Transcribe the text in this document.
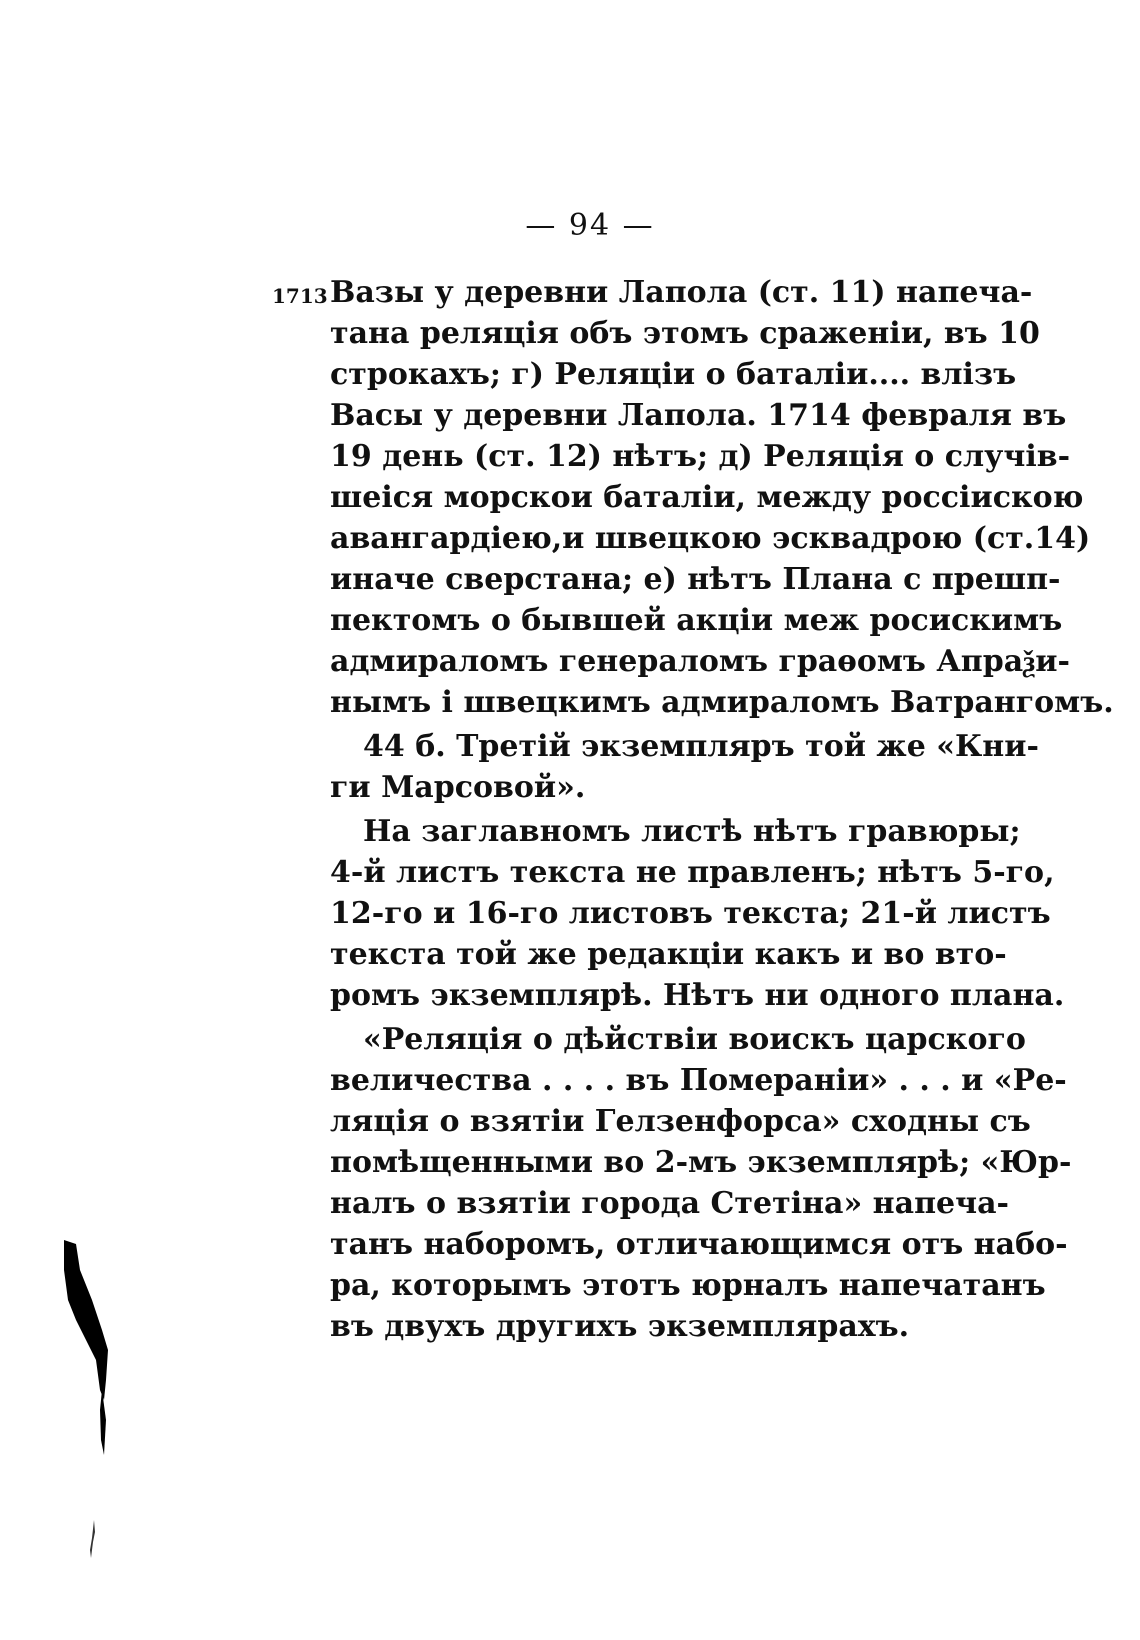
— 94 —
1713 Вазы у деревни Лапола (ст. 11) напеча-
тана реляція объ этомъ сраженіи, въ 10
строкахъ; г) Реляціи о баталіи.... влізъ
Васы у деревни Лапола. 1714 февраля въ
19 день (ст. 12) нѣтъ; д) Реляція о случів-
шеіся морскои баталіи, между россіискою
авангардіею,и швецкою эсквадрою (ст.14)
иначе сверстана; е) нѣтъ Плана с прешп-
пектомъ о бывшей акціи меж росискимъ
адмираломъ генераломъ граѳомъ Апраѯи-
нымъ і швецкимъ адмираломъ Ватрангомъ.
44 б. Третій экземпляръ той же «Кни-
ги Марсовой».
На заглавномъ листѣ нѣтъ гравюры;
4-й листъ текста не правленъ; нѣтъ 5-го,
12-го и 16-го листовъ текста; 21-й листъ
текста той же редакціи какъ и во вто-
ромъ экземплярѣ. Нѣтъ ни одного плана.
«Реляція о дѣйствіи воискъ царского
величества . . . . въ Помераніи» . . . и «Ре-
ляція о взятіи Гелзенфорса» сходны съ
помѣщенными во 2-мъ экземплярѣ; «Юр-
налъ о взятіи города Стетіна» напеча-
танъ наборомъ, отличающимся отъ набо-
ра, которымъ этотъ юрналъ напечатанъ
въ двухъ другихъ экземплярахъ.
